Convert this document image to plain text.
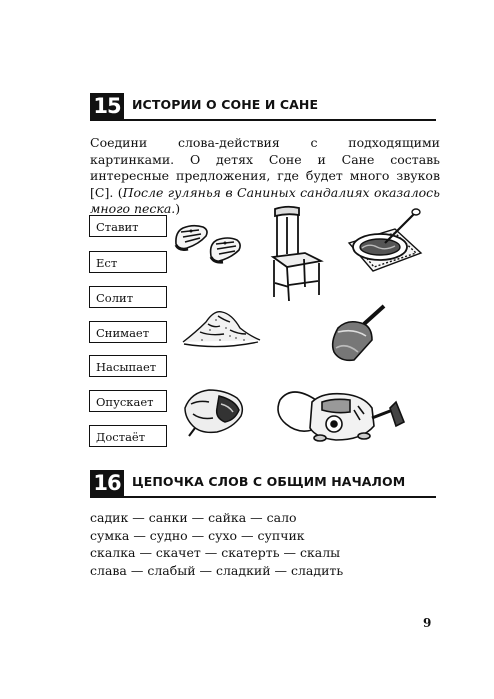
15 ИСТОРИИ О СОНЕ И САНЕ
Соедини слова-действия с подходящими картинками. О детях Соне и Сане составь интересные предложения, где будет много звуков [С]. (После гулянья в Саниных сандалиях оказалось много песка.)
Ставит
Ест
Солит
Снимает
Насыпает
Опускает
Достаёт
16 ЦЕПОЧКА СЛОВ С ОБЩИМ НАЧАЛОМ
садик — санки — сайка — сало
сумка — судно — сухо — супчик
скалка — скачет — скатерть — скалы
слава — слабый — сладкий — сладить
9
